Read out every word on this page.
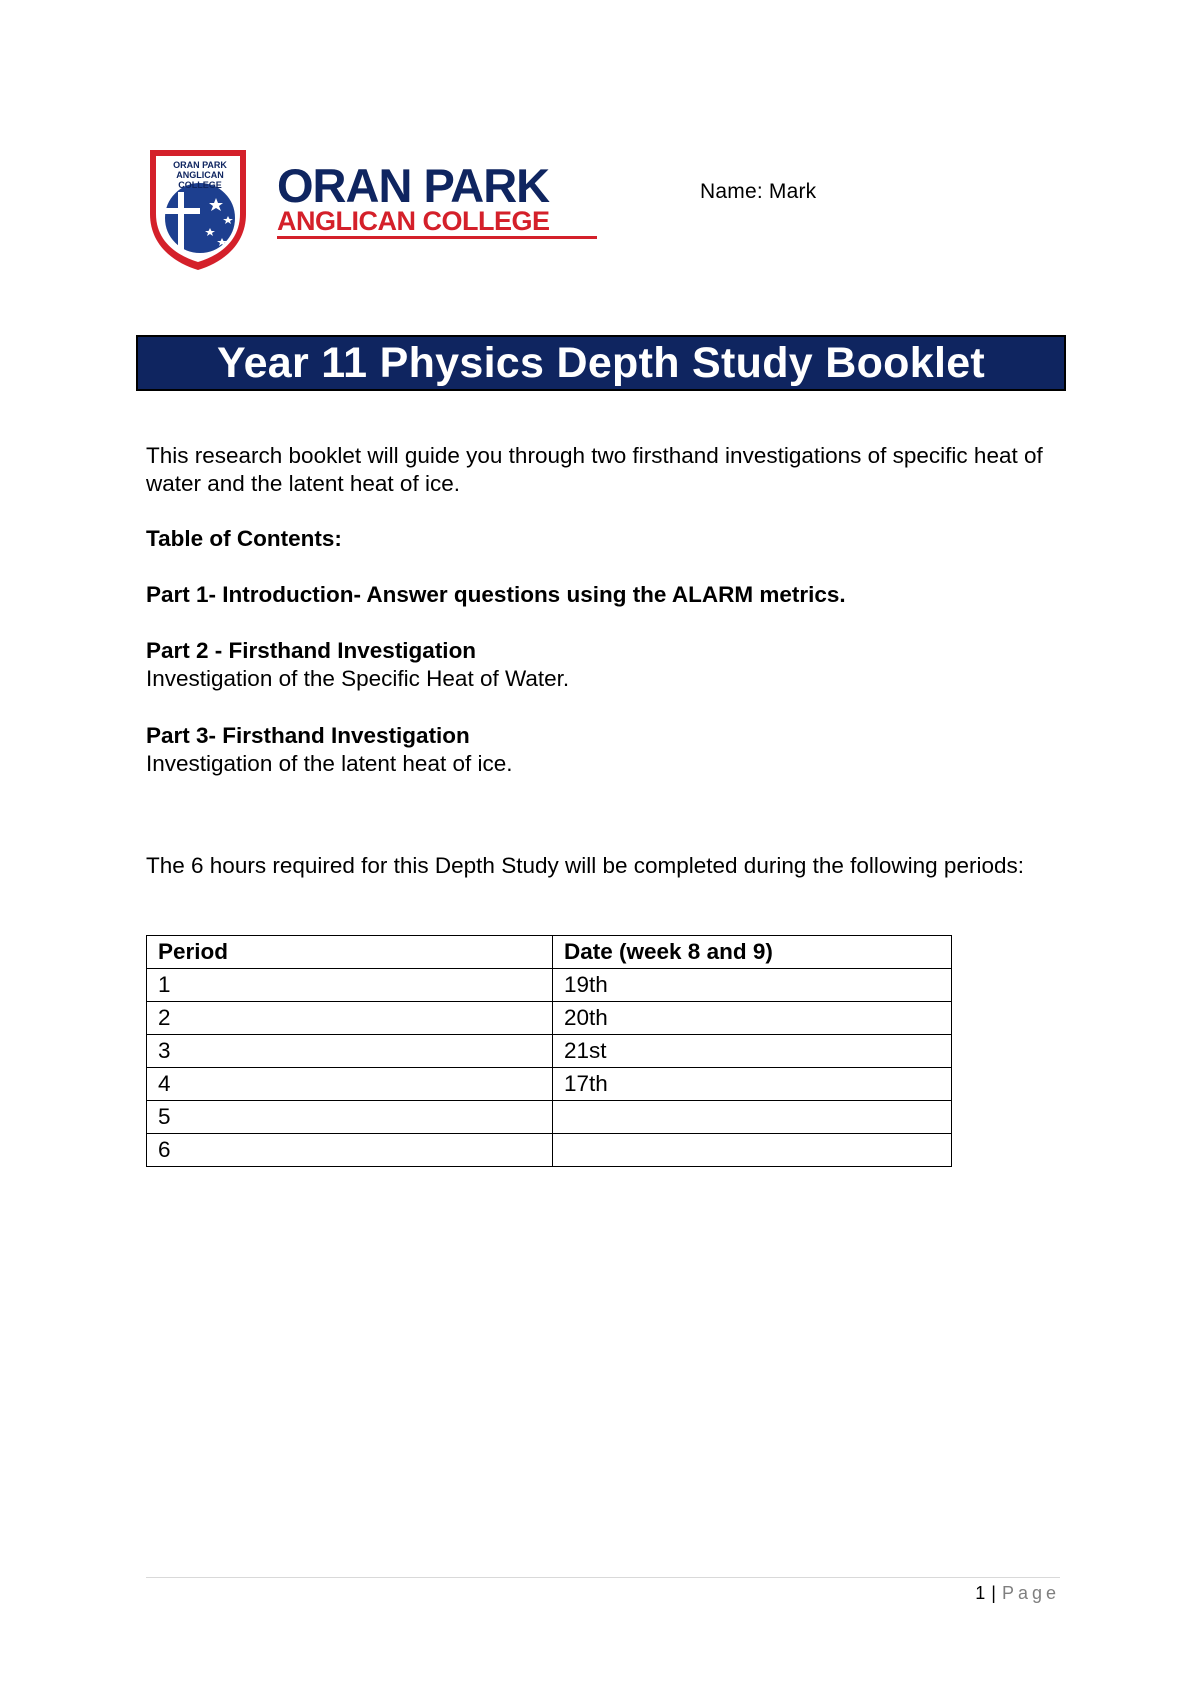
ORAN PARK ANGLICAN COLLEGE	ORAN PARK
ANGLICAN COLLEGE
Name: Mark
Year 11 Physics Depth Study Booklet
This research booklet will guide you through two firsthand investigations of specific heat of water and the latent heat of ice.
Table of Contents:
Part 1- Introduction- Answer questions using the ALARM metrics.
Part 2 - Firsthand Investigation
Investigation of the Specific Heat of Water.
Part 3- Firsthand Investigation
Investigation of the latent heat of ice.
The 6 hours required for this Depth Study will be completed during the following periods:
Period	Date (week 8 and 9)
1	19th
2	20th
3	21st
4	17th
5	
6	
1 | Page
